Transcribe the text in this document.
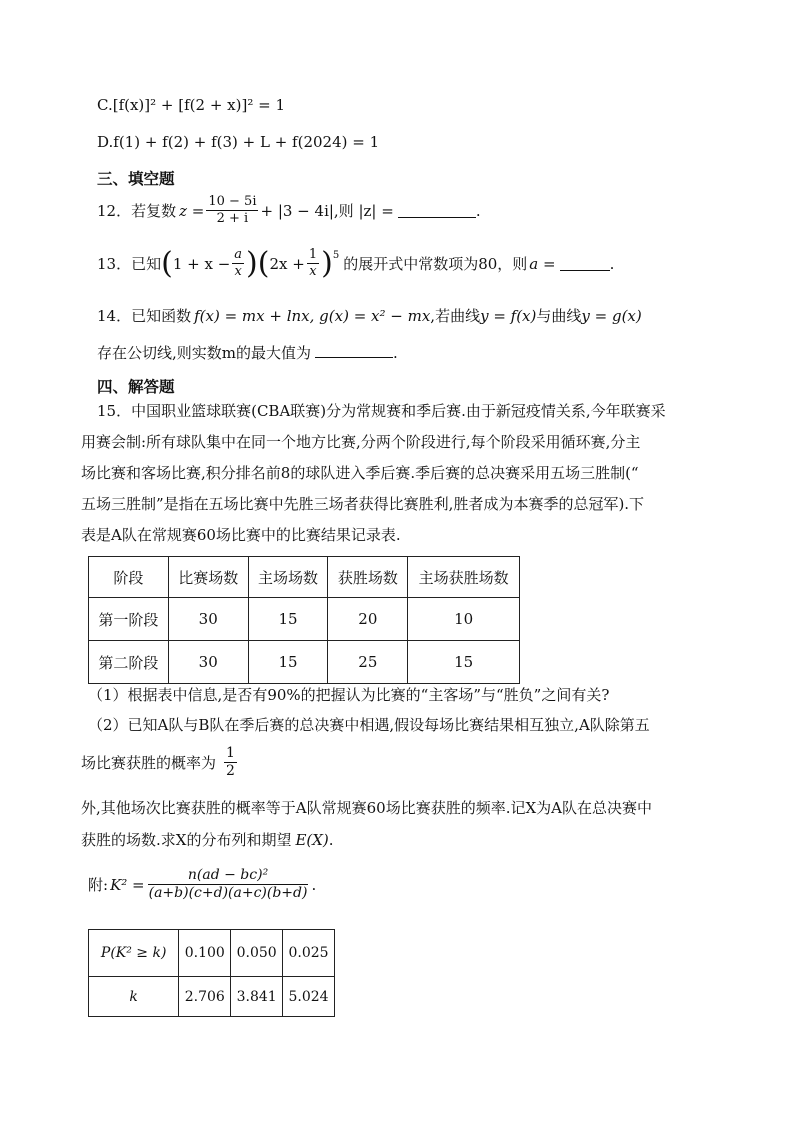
C.[f(x)]² + [f(2 + x)]² = 1
D.f(1) + f(2) + f(3) + L + f(2024) = 1
三、填空题
12．若复数 $z = \frac{10 - 5i}{2 + i} + |3 - 4i|$,则 |z| =	.
13．已知 ( $1 + x - \frac{a}{x}$ ) ( $2x + \frac{1}{x} )^5$ 的展开式中常数项为80，则 a =	.
14．已知函数 f(x) = mx + lnx, g(x) = x² − mx,若曲线y = f(x)与曲线y = g(x)
存在公切线,则实数m的最大值为	.
四、解答题
15．中国职业篮球联赛(CBA联赛)分为常规赛和季后赛.由于新冠疫情关系,今年联赛采
用赛会制:所有球队集中在同一个地方比赛,分两个阶段进行,每个阶段采用循环赛,分主
场比赛和客场比赛,积分排名前8的球队进入季后赛.季后赛的总决赛采用五场三胜制(“
五场三胜制”是指在五场比赛中先胜三场者获得比赛胜利,胜者成为本赛季的总冠军).下
表是A队在常规赛60场比赛中的比赛结果记录表.
阶段	比赛场数	主场场数	获胜场数	主场获胜场数
第一阶段	30	15	20	10
第二阶段	30	15	25	15
（1）根据表中信息,是否有90%的把握认为比赛的“主客场”与“胜负”之间有关?
（2）已知A队与B队在季后赛的总决赛中相遇,假设每场比赛结果相互独立,A队除第五
场比赛获胜的概率为 $\frac{1}{2}$
外,其他场次比赛获胜的概率等于A队常规赛60场比赛获胜的频率.记X为A队在总决赛中
获胜的场数.求X的分布列和期望 E(X).
附: $K^2 = \frac{\text{n(ad − bc)²}}{(a+b)(c+d)(a+c)(b+d)}$ .
P(K² ≥ k)	0.100	0.050	0.025
k	2.706	3.841	5.024
